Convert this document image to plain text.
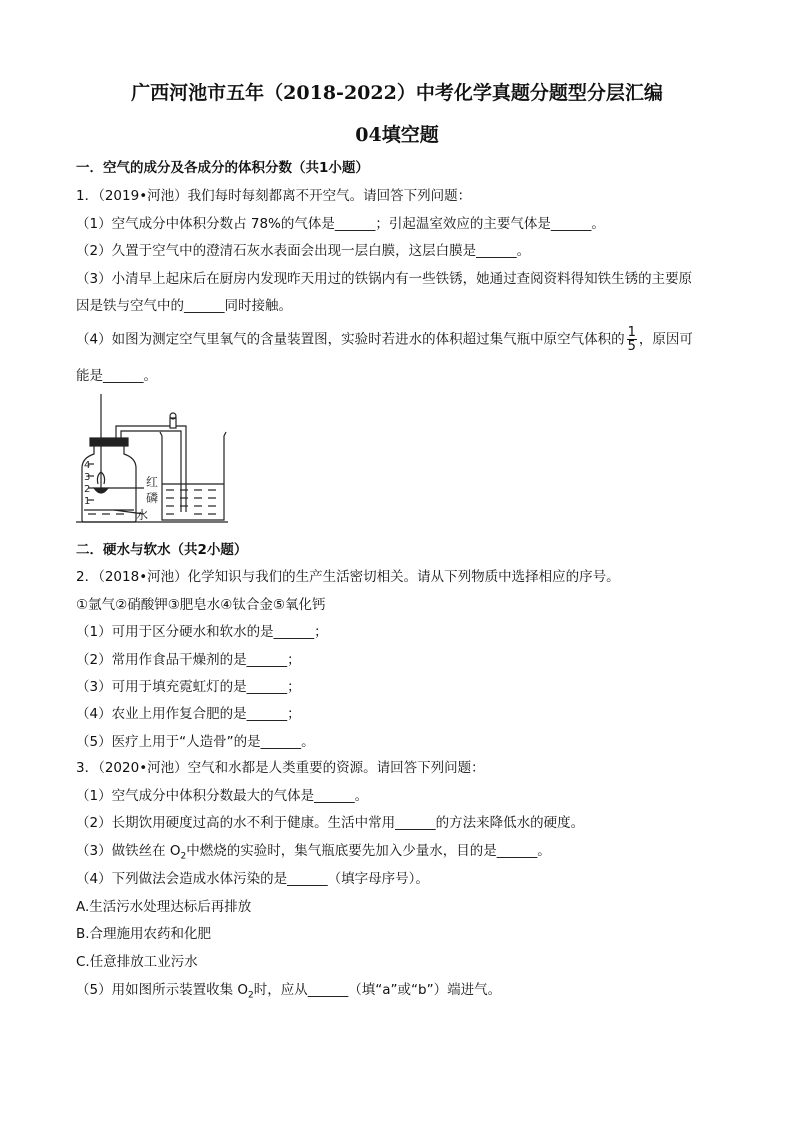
广西河池市五年（2018-2022）中考化学真题分题型分层汇编
04填空题
一．空气的成分及各成分的体积分数（共1小题）
1．（2019•河池）我们每时每刻都离不开空气。请回答下列问题：
（1）空气成分中体积分数占 78%的气体是______；引起温室效应的主要气体是______。
（2）久置于空气中的澄清石灰水表面会出现一层白膜，这层白膜是______。
（3）小清早上起床后在厨房内发现昨天用过的铁锅内有一些铁锈，她通过查阅资料得知铁生锈的主要原
因是铁与空气中的______同时接触。
（4）如图为测定空气里氧气的含量装置图，实验时若进水的体积超过集气瓶中原空气体积的 $\frac{1}{5}$ ，原因可
能是______。
4
3
2
1
红
磷
水
二．硬水与软水（共2小题）
2．（2018•河池）化学知识与我们的生产生活密切相关。请从下列物质中选择相应的序号。
①氩气②硝酸钾③肥皂水④钛合金⑤氧化钙
（1）可用于区分硬水和软水的是______；
（2）常用作食品干燥剂的是______；
（3）可用于填充霓虹灯的是______；
（4）农业上用作复合肥的是______；
（5）医疗上用于“人造骨”的是______。
3．（2020•河池）空气和水都是人类重要的资源。请回答下列问题：
（1）空气成分中体积分数最大的气体是______。
（2）长期饮用硬度过高的水不利于健康。生活中常用______的方法来降低水的硬度。
（3）做铁丝在 $O_2$中燃烧的实验时，集气瓶底要先加入少量水，目的是______。
（4）下列做法会造成水体污染的是______（填字母序号）。
A.生活污水处理达标后再排放
B.合理施用农药和化肥
C.任意排放工业污水
（5）用如图所示装置收集 $O_2$时，应从______（填“a”或“b”）端进气。
